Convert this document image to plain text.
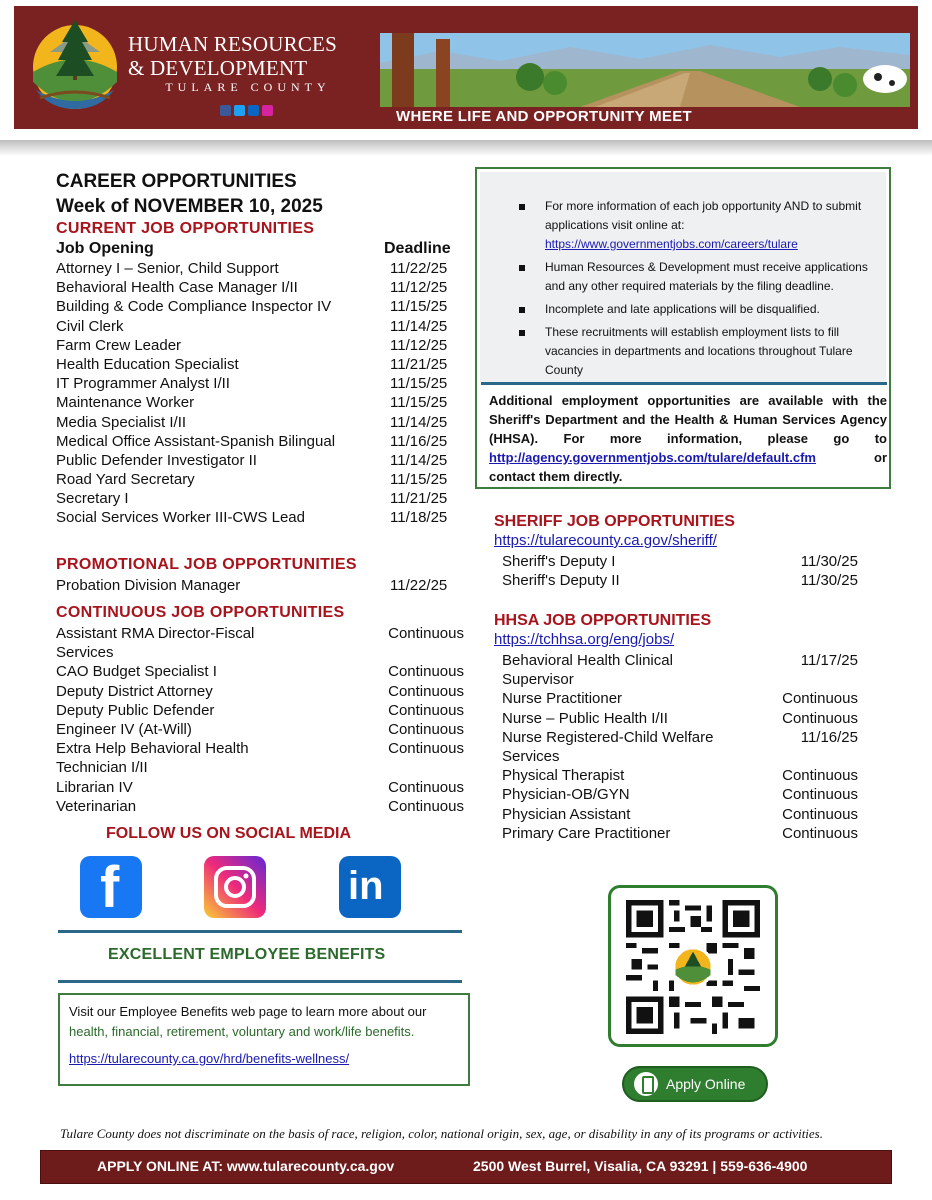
HUMAN RESOURCES
& DEVELOPMENT
TULARE COUNTY
WHERE LIFE AND OPPORTUNITY MEET
CAREER OPPORTUNITIES
Week of NOVEMBER 10, 2025
CURRENT JOB OPPORTUNITIES
Job Opening	Deadline
Attorney I – Senior, Child Support	11/22/25
Behavioral Health Case Manager I/II	11/12/25
Building & Code Compliance Inspector IV	11/15/25
Civil Clerk	11/14/25
Farm Crew Leader	11/12/25
Health Education Specialist	11/21/25
IT Programmer Analyst I/II	11/15/25
Maintenance Worker	11/15/25
Media Specialist I/II	11/14/25
Medical Office Assistant-Spanish Bilingual	11/16/25
Public Defender Investigator II	11/14/25
Road Yard Secretary	11/15/25
Secretary I	11/21/25
Social Services Worker III-CWS Lead	11/18/25
PROMOTIONAL JOB OPPORTUNITIES
Probation Division Manager	11/22/25
CONTINUOUS JOB OPPORTUNITIES
Assistant RMA Director-Fiscal Services
Continuous
CAO Budget Specialist I	Continuous
Deputy District Attorney	Continuous
Deputy Public Defender	Continuous
Engineer IV (At-Will)	Continuous
Extra Help Behavioral Health Technician I/II
Continuous
Librarian IV	Continuous
Veterinarian	Continuous
FOLLOW US ON SOCIAL MEDIA
f	in
EXCELLENT EMPLOYEE BENEFITS
Visit our Employee Benefits web page to learn more about our health, financial, retirement, voluntary and work/life benefits.
https://tularecounty.ca.gov/hrd/benefits-wellness/
For more information of each job opportunity AND to submit applications visit online at:
https://www.governmentjobs.com/careers/tulare
Human Resources & Development must receive applications and any other required materials by the filing deadline.
Incomplete and late applications will be disqualified.
These recruitments will establish employment lists to fill vacancies in departments and locations throughout Tulare County
Additional employment opportunities are available with the Sheriff's Department and the Health & Human Services Agency (HHSA). For more information, please go to http://agency.governmentjobs.com/tulare/default.cfm	or contact them directly.
SHERIFF JOB OPPORTUNITIES
https://tularecounty.ca.gov/sheriff/
Sheriff's Deputy I	11/30/25
Sheriff's Deputy II	11/30/25
HHSA JOB OPPORTUNITIES
https://tchhsa.org/eng/jobs/
Behavioral Health Clinical Supervisor
11/17/25
Nurse Practitioner	Continuous
Nurse – Public Health I/II	Continuous
Nurse Registered-Child Welfare Services
11/16/25
Physical Therapist	Continuous
Physician-OB/GYN	Continuous
Physician Assistant	Continuous
Primary Care Practitioner	Continuous
Apply Online
Tulare County does not discriminate on the basis of race, religion, color, national origin, sex, age, or disability in any of its programs or activities.
APPLY ONLINE AT: www.tularecounty.ca.gov	2500 West Burrel, Visalia, CA 93291 | 559-636-4900
